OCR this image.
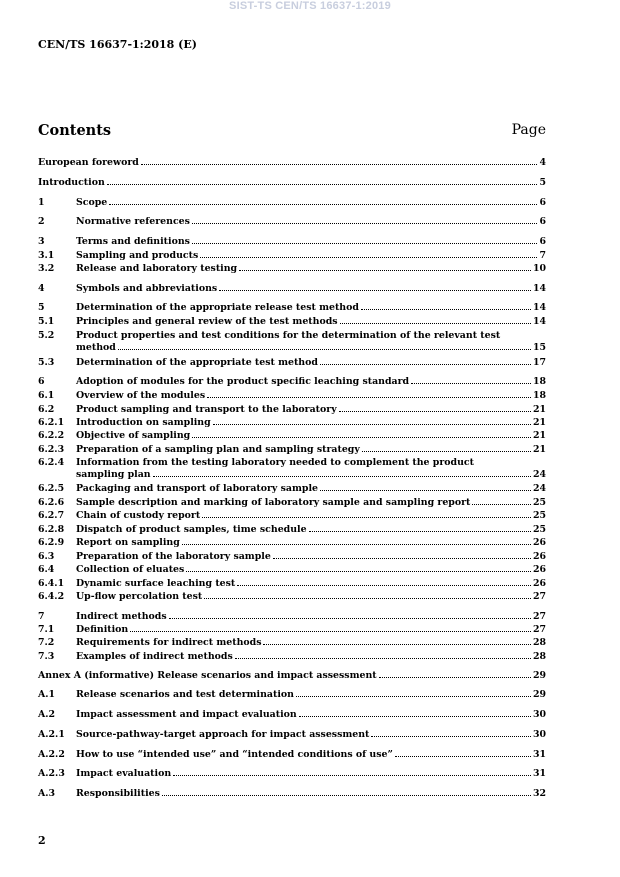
SIST-TS CEN/TS 16637-1:2019
CEN/TS 16637-1:2018 (E)
Contents	Page
European foreword	4
Introduction	5
1	Scope	6
2	Normative references	6
3	Terms and definitions	6
3.1	Sampling and products	7
3.2	Release and laboratory testing	10
4	Symbols and abbreviations	14
5	Determination of the appropriate release test method	14
5.1	Principles and general review of the test methods	14
5.2	Product properties and test conditions for the determination of the relevant test
method	15
5.3	Determination of the appropriate test method	17
6	Adoption of modules for the product specific leaching standard	18
6.1	Overview of the modules	18
6.2	Product sampling and transport to the laboratory	21
6.2.1	Introduction on sampling	21
6.2.2	Objective of sampling	21
6.2.3	Preparation of a sampling plan and sampling strategy	21
6.2.4	Information from the testing laboratory needed to complement the product
sampling plan	24
6.2.5	Packaging and transport of laboratory sample	24
6.2.6	Sample description and marking of laboratory sample and sampling report	25
6.2.7	Chain of custody report	25
6.2.8	Dispatch of product samples, time schedule	25
6.2.9	Report on sampling	26
6.3	Preparation of the laboratory sample	26
6.4	Collection of eluates	26
6.4.1	Dynamic surface leaching test	26
6.4.2	Up-flow percolation test	27
7	Indirect methods	27
7.1	Definition	27
7.2	Requirements for indirect methods	28
7.3	Examples of indirect methods	28
Annex A (informative) Release scenarios and impact assessment	29
A.1	Release scenarios and test determination	29
A.2	Impact assessment and impact evaluation	30
A.2.1	Source-pathway-target approach for impact assessment	30
A.2.2	How to use “intended use” and “intended conditions of use”	31
A.2.3	Impact evaluation	31
A.3	Responsibilities	32
2
